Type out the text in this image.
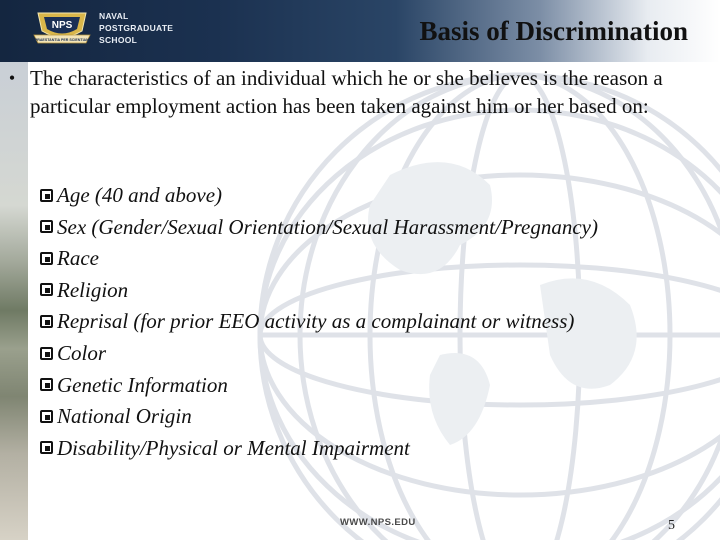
NPS
PRAESTANTIA PER SCIENTIAM
NAVAL
POSTGRADUATE
SCHOOL	Basis of Discrimination
• The characteristics of an individual which he or she believes is the reason a particular employment action has been taken against him or her based on:
Age (40 and above)
Sex (Gender/Sexual Orientation/Sexual Harassment/Pregnancy)
Race
Religion
Reprisal (for prior EEO activity as a complainant or witness)
Color
Genetic Information
National Origin
Disability/Physical or Mental Impairment
WWW.NPS.EDU	5
